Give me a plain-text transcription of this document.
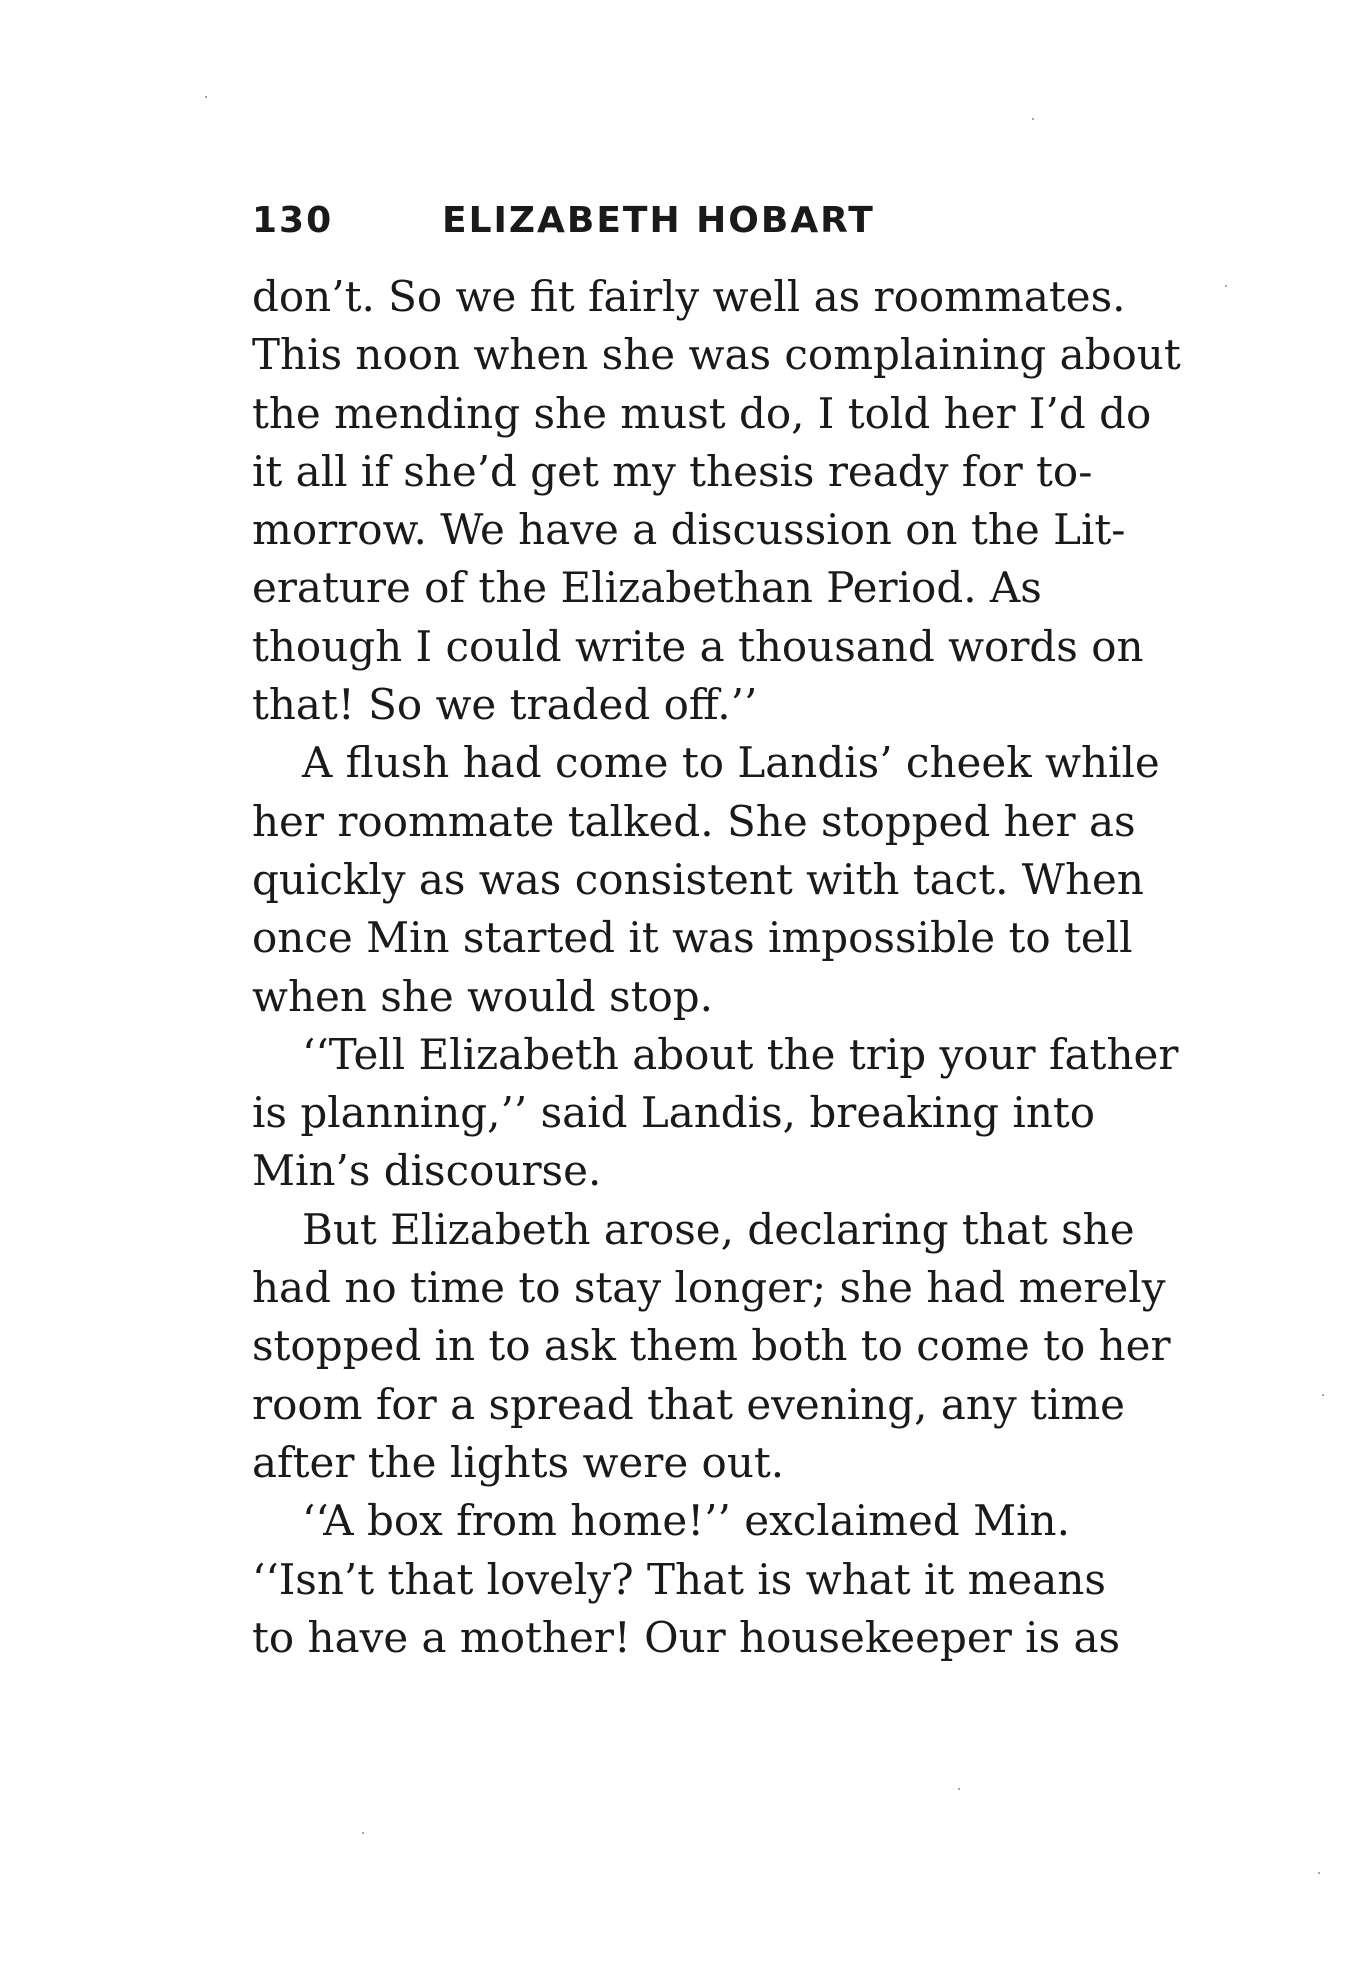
130	ELIZABETH HOBART
don’t. So we fit fairly well as roommates.
This noon when she was complaining about
the mending she must do, I told her I’d do
it all if she’d get my thesis ready for to-
morrow. We have a discussion on the Lit-
erature of the Elizabethan Period. As
though I could write a thousand words on
that! So we traded off.’’
A flush had come to Landis’ cheek while
her roommate talked. She stopped her as
quickly as was consistent with tact. When
once Min started it was impossible to tell
when she would stop.
‘‘Tell Elizabeth about the trip your father
is planning,’’ said Landis, breaking into
Min’s discourse.
But Elizabeth arose, declaring that she
had no time to stay longer; she had merely
stopped in to ask them both to come to her
room for a spread that evening, any time
after the lights were out.
‘‘A box from home!’’ exclaimed Min.
‘‘Isn’t that lovely? That is what it means
to have a mother! Our housekeeper is as
